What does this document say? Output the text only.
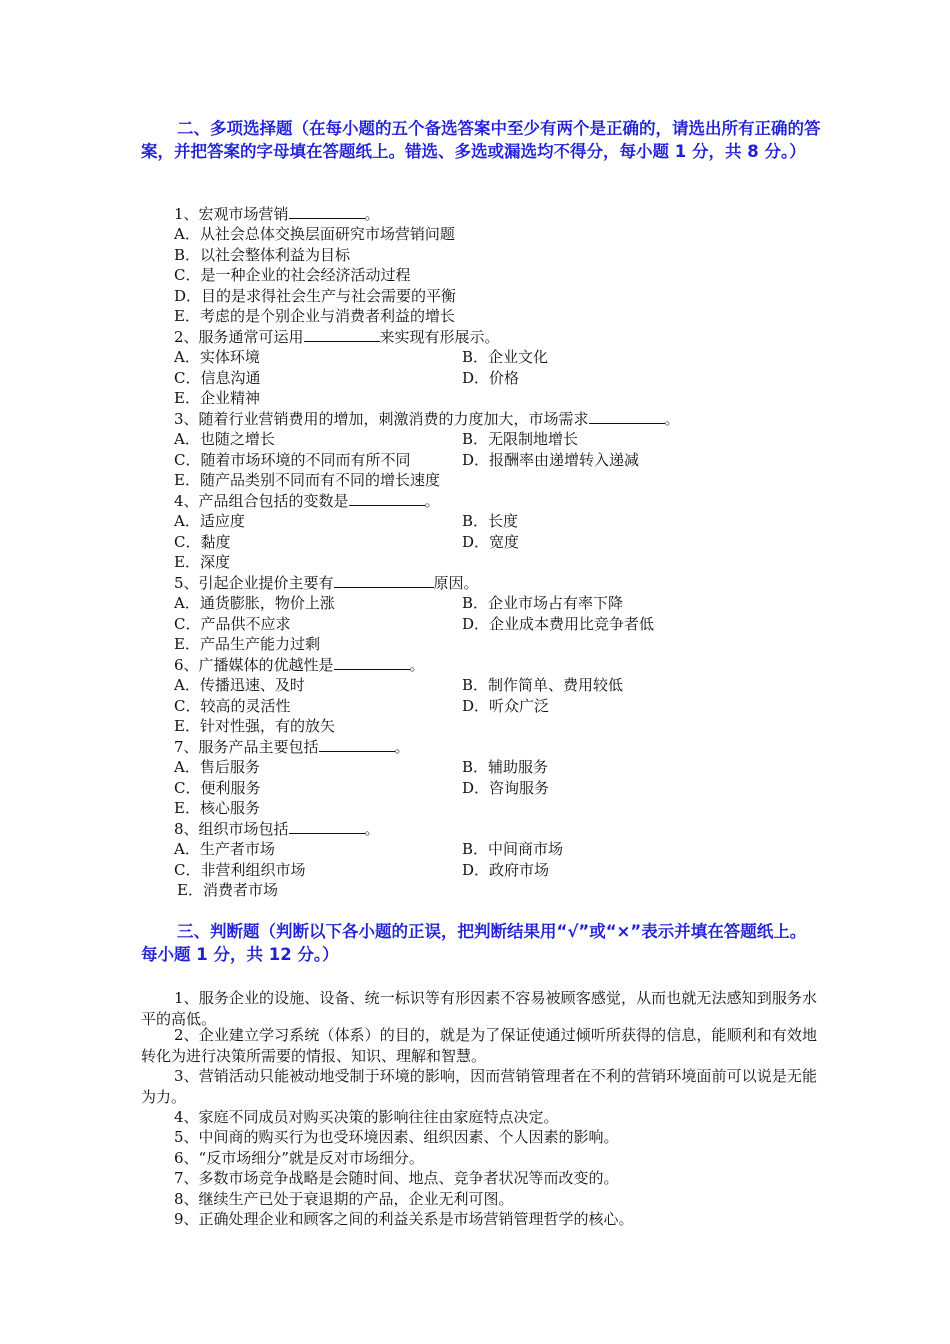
二、多项选择题（在每小题的五个备选答案中至少有两个是正确的，请选出所有正确的答案，并把答案的字母填在答题纸上。错选、多选或漏选均不得分，每小题 1 分，共 8 分。）
1、宏观市场营销	。
A．从社会总体交换层面研究市场营销问题
B．以社会整体利益为目标
C．是一种企业的社会经济活动过程
D．目的是求得社会生产与社会需要的平衡
E．考虑的是个别企业与消费者利益的增长
2、服务通常可运用	来实现有形展示。
A．实体环境	B．企业文化
C．信息沟通	D．价格
E．企业精神
3、随着行业营销费用的增加，刺激消费的力度加大，市场需求	。
A．也随之增长	B．无限制地增长
C．随着市场环境的不同而有所不同	D．报酬率由递增转入递减
E．随产品类别不同而有不同的增长速度
4、产品组合包括的变数是	。
A．适应度	B．长度
C．黏度	D．宽度
E．深度
5、引起企业提价主要有	原因。
A．通货膨胀，物价上涨	B．企业市场占有率下降
C．产品供不应求	D．企业成本费用比竞争者低
E．产品生产能力过剩
6、广播媒体的优越性是	。
A．传播迅速、及时	B．制作简单、费用较低
C．较高的灵活性	D．听众广泛
E．针对性强，有的放矢
7、服务产品主要包括	。
A．售后服务	B．辅助服务
C．便利服务	D．咨询服务
E．核心服务
8、组织市场包括	。
A．生产者市场	B．中间商市场
C．非营利组织市场	D．政府市场
E．消费者市场
三、判断题（判断以下各小题的正误，把判断结果用“√”或“×”表示并填在答题纸上。每小题 1 分，共 12 分。）
1、服务企业的设施、设备、统一标识等有形因素不容易被顾客感觉，从而也就无法感知到服务水平的高低。
2、企业建立学习系统（体系）的目的，就是为了保证使通过倾听所获得的信息，能顺利和有效地转化为进行决策所需要的情报、知识、理解和智慧。
3、营销活动只能被动地受制于环境的影响，因而营销管理者在不利的营销环境面前可以说是无能为力。
4、家庭不同成员对购买决策的影响往往由家庭特点决定。
5、中间商的购买行为也受环境因素、组织因素、个人因素的影响。
6、“反市场细分”就是反对市场细分。
7、多数市场竞争战略是会随时间、地点、竞争者状况等而改变的。
8、继续生产已处于衰退期的产品，企业无利可图。
9、正确处理企业和顾客之间的利益关系是市场营销管理哲学的核心。
